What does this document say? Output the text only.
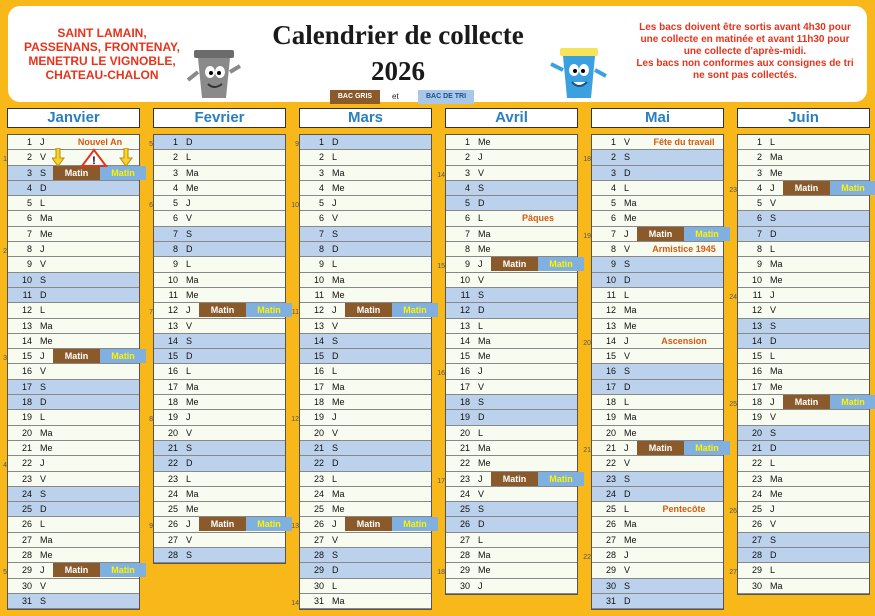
SAINT LAMAIN,
PASSENANS, FRONTENAY,
MENETRU LE VIGNOBLE,
CHATEAU-CHALON
Calendrier de collecte
2026
BAC GRIS	et	BAC DE TRI
Les bacs doivent être sortis avant 4h30 pour
une collecte en matinée et avant 11h30 pour
une collecte d'après-midi.
Les bacs non conformes aux consignes de tri
ne sont pas collectés.
Janvier
1 J	Nouvel An
1	2 V
3 S	Matin	Matin
4 D
5 L
6 Ma
7 Me
2	8 J
9 V
10 S
11 D
12 L
13 Ma
14 Me
3	15 J	Matin	Matin
16 V
17 S
18 D
19 L
20 Ma
21 Me
4	22 J
23 V
24 S
25 D
26 L
27 Ma
28 Me
5	29 J	Matin	Matin
30 V
31 S
Fevrier
5	1 D
2 L
3 Ma
4 Me
6	5 J
6 V
7 S
8 D
9 L
10 Ma
11 Me
7	12 J	Matin	Matin
13 V
14 S
15 D
16 L
17 Ma
18 Me
8	19 J
20 V
21 S
22 D
23 L
24 Ma
25 Me
9	26 J	Matin	Matin
27 V
28 S
Mars
9	1 D
2 L
3 Ma
4 Me
10	5 J
6 V
7 S
8 D
9 L
10 Ma
11 Me
11	12 J	Matin	Matin
13 V
14 S
15 D
16 L
17 Ma
18 Me
12	19 J
20 V
21 S
22 D
23 L
24 Ma
25 Me
13	26 J	Matin	Matin
27 V
28 S
29 D
30 L
14	31 Ma
Avril
1 Me
2 J
14	3 V
4 S
5 D
6 L	Pâques
7 Ma
8 Me
15	9 J	Matin	Matin
10 V
11 S
12 D
13 L
14 Ma
15 Me
16	16 J
17 V
18 S
19 D
20 L
21 Ma
22 Me
17	23 J	Matin	Matin
24 V
25 S
26 D
27 L
28 Ma
18	29 Me
30 J
Mai
1 V	Fête du travail
18	2 S
3 D
4 L
5 Ma
6 Me
19	7 J	Matin	Matin
8 V	Armistice 1945
9 S
10 D
11 L
12 Ma
13 Me
20	14 J	Ascension
15 V
16 S
17 D
18 L
19 Ma
20 Me
21	21 J	Matin	Matin
22 V
23 S
24 D
25 L	Pentecôte
26 Ma
27 Me
22	28 J
29 V
30 S
31 D
Juin
1 L
2 Ma
3 Me
23	4 J	Matin	Matin
5 V
6 S
7 D
8 L
9 Ma
10 Me
24	11 J
12 V
13 S
14 D
15 L
16 Ma
17 Me
25	18 J	Matin	Matin
19 V
20 S
21 D
22 L
23 Ma
24 Me
26	25 J
26 V
27 S
28 D
27	29 L
30 Ma
!
